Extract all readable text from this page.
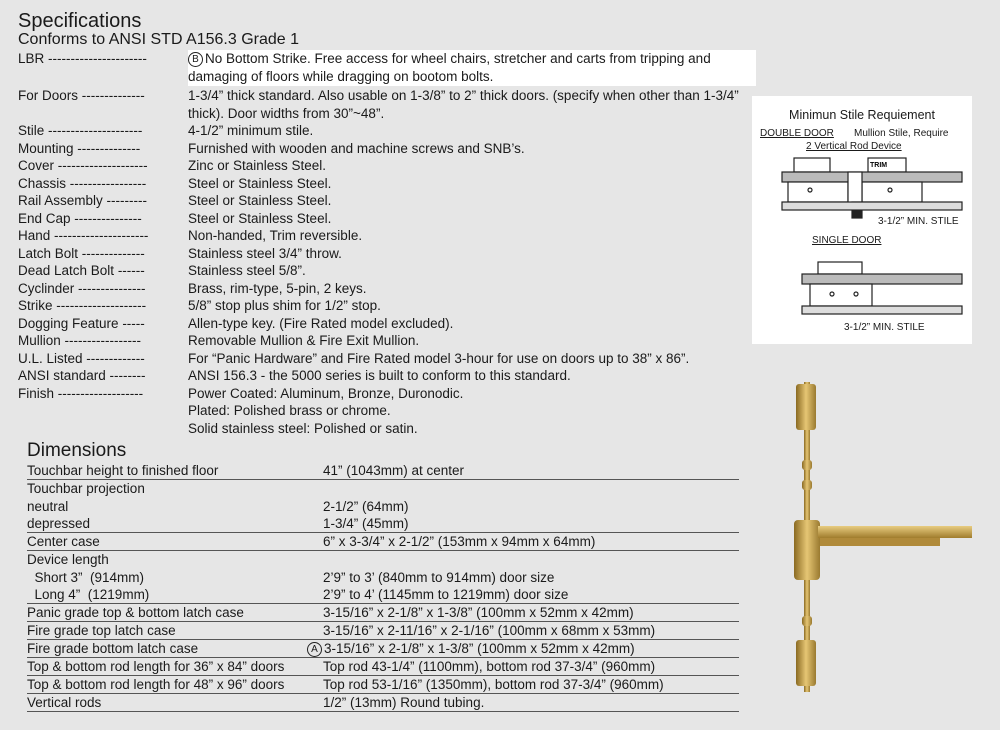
Specifications
Conforms to ANSI STD A156.3 Grade 1
LBR ----------------------	B No Bottom Strike. Free access for wheel chairs, stretcher and carts from tripping and damaging of floors while dragging on bootom bolts.
For Doors --------------	1-3/4” thick standard. Also usable on 1-3/8” to 2” thick doors. (specify when other than 1-3/4” thick). Door widths from 30”~48”.
Stile ---------------------	4-1/2” minimum stile.
Mounting --------------	Furnished with wooden and machine screws and SNB’s.
Cover --------------------	Zinc or Stainless Steel.
Chassis -----------------	Steel or Stainless Steel.
Rail Assembly ---------	Steel or Stainless Steel.
End Cap ---------------	Steel or Stainless Steel.
Hand ---------------------	Non-handed, Trim reversible.
Latch Bolt --------------	Stainless steel 3/4” throw.
Dead Latch Bolt ------	Stainless steel 5/8”.
Cyclinder ---------------	Brass, rim-type, 5-pin, 2 keys.
Strike --------------------	5/8” stop plus shim for 1/2” stop.
Dogging Feature -----	Allen-type key. (Fire Rated model excluded).
Mullion -----------------	Removable Mullion & Fire Exit Mullion.
U.L. Listed -------------	For “Panic Hardware” and Fire Rated model 3-hour for use on doors up to 38” x 86”.
ANSI standard --------	ANSI 156.3 - the 5000 series is built to conform to this standard.
Finish -------------------	Power Coated: Aluminum, Bronze, Duronodic.
Plated: Polished brass or chrome.
Solid stainless steel: Polished or satin.
Dimensions
Touchbar height to finished floor	41” (1043mm) at center
Touchbar projection
neutral	2-1/2” (64mm)
depressed	1-3/4” (45mm)
Center case	6” x 3-3/4” x 2-1/2” (153mm x 94mm x 64mm)
Device length
Short 3”  (914mm)	2’9” to 3’ (840mm to 914mm) door size
Long 4”  (1219mm)	2’9” to 4’ (1145mm to 1219mm) door size
Panic grade top & bottom latch case	3-15/16” x 2-1/8” x 1-3/8” (100mm x 52mm x 42mm)
Fire grade top latch case	3-15/16” x 2-11/16” x 2-1/16” (100mm x 68mm x 53mm)
Fire grade bottom latch case	A 3-15/16” x 2-1/8” x 1-3/8” (100mm x 52mm x 42mm)
Top & bottom rod length for 36” x 84” doors	Top rod 43-1/4” (1100mm), bottom rod 37-3/4” (960mm)
Top & bottom rod length for 48” x 96” doors	Top rod 53-1/16” (1350mm), bottom rod 37-3/4” (960mm)
Vertical rods	1/2” (13mm) Round tubing.
Minimun Stile Requiement
DOUBLE DOOR Mullion Stile, Require
2 Vertical Rod Device
TRIM
3-1/2” MIN. STILE
SINGLE DOOR
3-1/2” MIN. STILE
